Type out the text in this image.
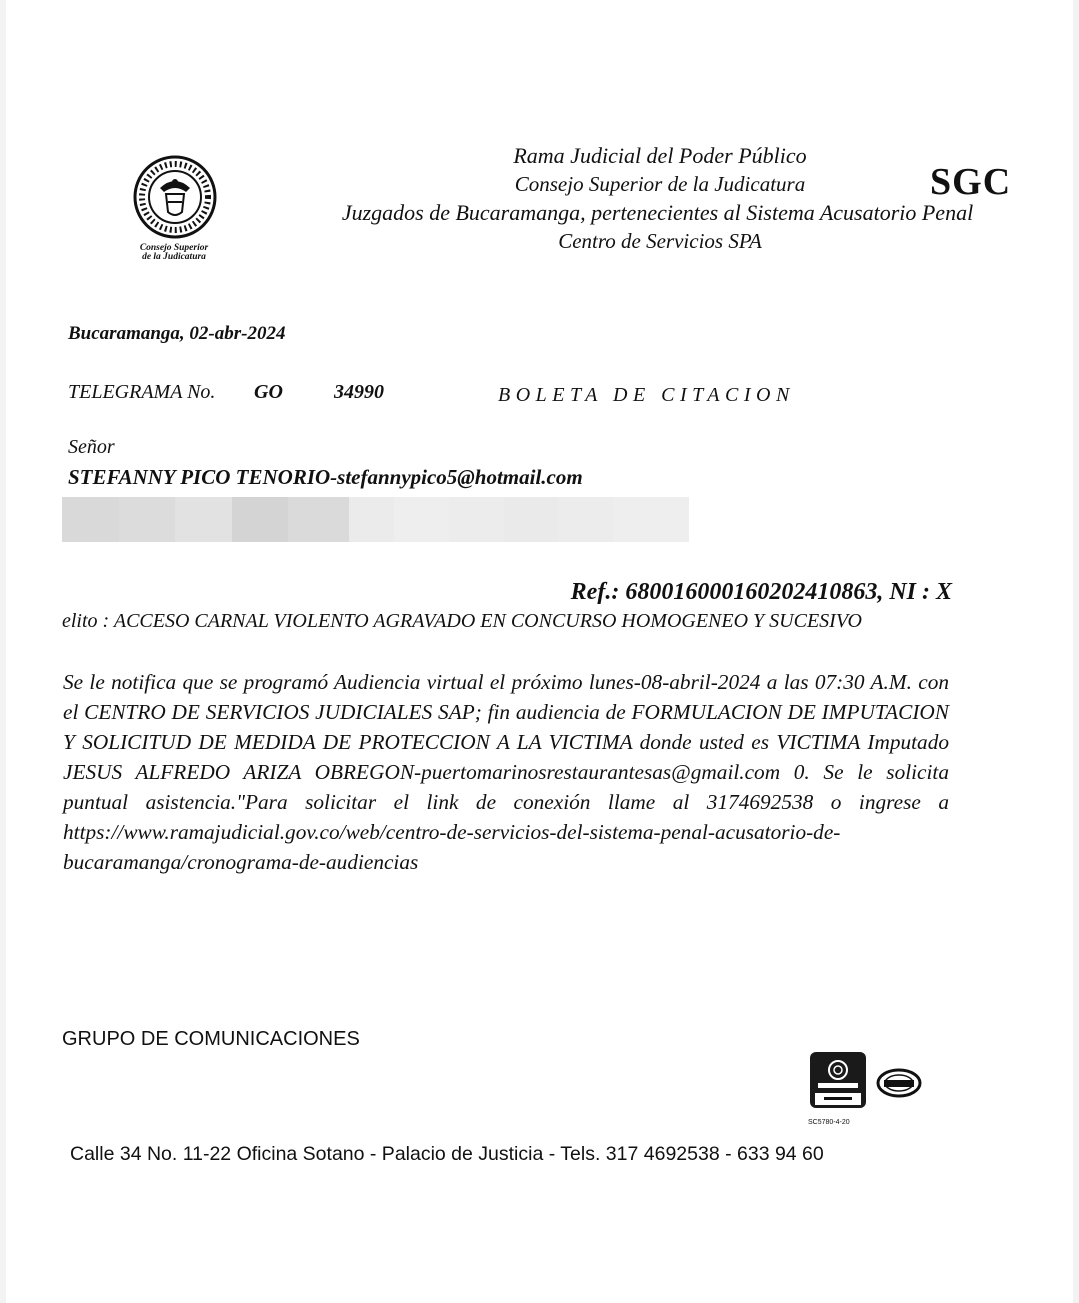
Consejo Superior
de la Judicatura
Rama Judicial del Poder Público
Consejo Superior de la Judicatura
Juzgados de Bucaramanga, pertenecientes al Sistema Acusatorio Penal
Centro de Servicios SPA
SGC
Bucaramanga, 02-abr-2024
TELEGRAMA No. GO	34990	BOLETA DE CITACION
Señor
STEFANNY PICO TENORIO-stefannypico5@hotmail.com
Ref.: 680016000160202410863, NI : X
elito : ACCESO CARNAL VIOLENTO AGRAVADO EN CONCURSO HOMOGENEO Y SUCESIVO

Se le notifica que se programó Audiencia virtual el próximo lunes-08-abril-2024 a las 07:30 A.M. con el CENTRO DE SERVICIOS JUDICIALES SAP; fin audiencia de FORMULACION DE IMPUTACION Y SOLICITUD DE MEDIDA DE PROTECCION A LA VICTIMA donde usted es VICTIMA Imputado JESUS ALFREDO ARIZA OBREGON-puertomarinosrestaurantesas@gmail.com 0. Se le solicita puntual asistencia."Para solicitar el link de conexión llame al 3174692538 o ingrese a https://www.ramajudicial.gov.co/web/centro-de-servicios-del-sistema-penal-acusatorio-de-bucaramanga/cronograma-de-audiencias

GRUPO DE COMUNICACIONES
SC5780-4-20
Calle 34 No. 11-22 Oficina Sotano - Palacio de Justicia - Tels. 317 4692538 - 633 94 60
